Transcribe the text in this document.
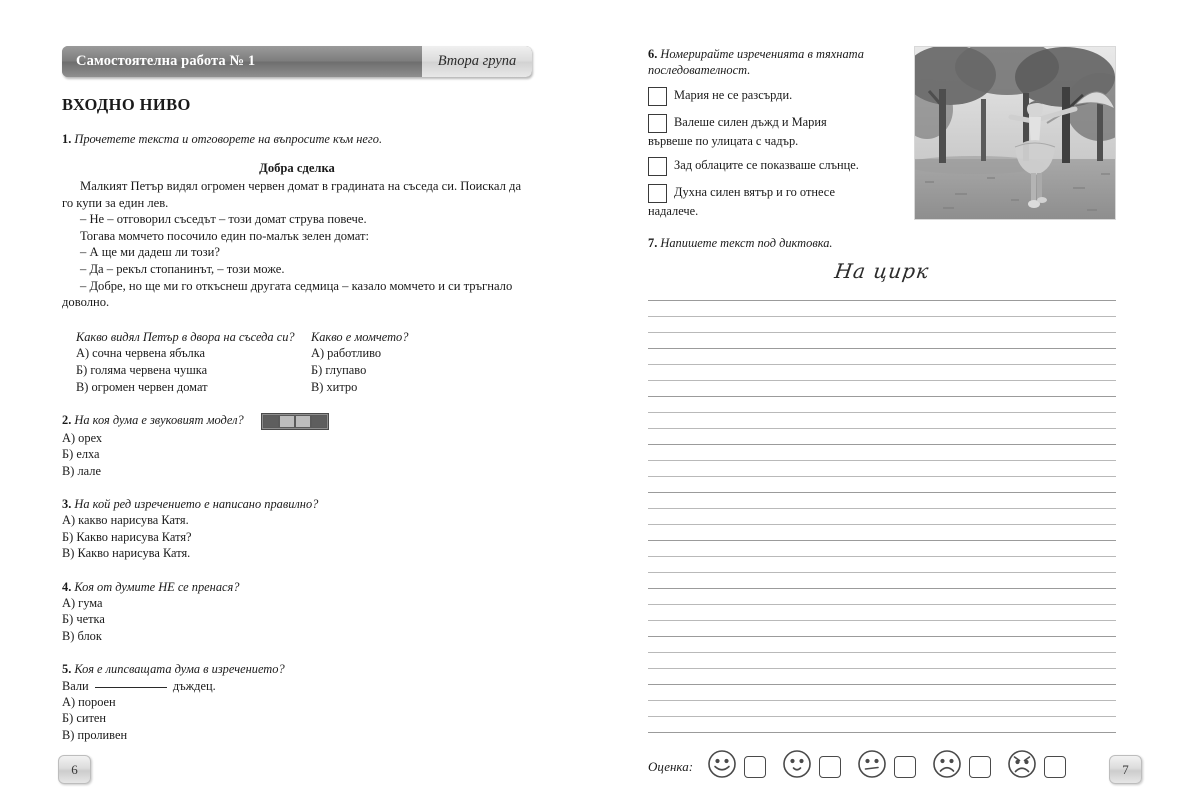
Самостоятелна работа № 1	Втора група
ВХОДНО НИВО
1. Прочетете текста и отговорете на въпросите към него.
Добра сделка

Малкият Петър видял огромен червен домат в градината на съседа си. Поискал да го купи за един лев.

– Не – отговорил съседът – този домат струва повече.

Тогава момчето посочило един по-малък зелен домат:

– А ще ми дадеш ли този?

– Да – рекъл стопанинът, – този може.

– Добре, но ще ми го откъснеш другата седмица – казало момчето и си тръгнало доволно.

Какво видял Петър в двора на съседа си?
А) сочна червена ябълка
Б) голяма червена чушка
В) огромен червен домат
Какво е момчето?
А) работливо
Б) глупаво
В) хитро
2. На коя дума е звуковият модел?
А) орех
Б) елха
В) лале
3. На кой ред изречението е написано правилно?
А) какво нарисува Катя.
Б) Какво нарисува Катя?
В) Какво нарисува Катя.
4. Коя от думите НЕ се пренася?
А) гума
Б) четка
В) блок
5. Коя е липсващата дума в изречението?
Вали	дъждец.
А) пороен
Б) ситен
В) проливен
6. Номерирайте изреченията в тяхната последователност.
Мария не се разсърди.
Валеше силен дъжд и Мария
вървеше по улицата с чадър.
Зад облаците се показваше слънце.
Духна силен вятър и го отнесе
надалече.
7. Напишете текст под диктовка.
На цирк
Оценка:
6	7
